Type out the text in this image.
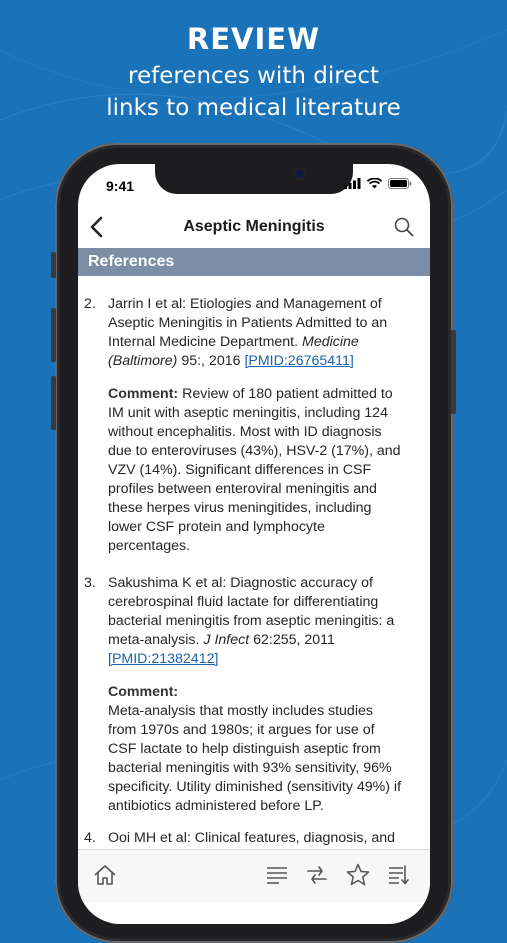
REVIEW
references with direct
links to medical literature
9:41
Aseptic Meningitis
References
2. Jarrin I et al: Etiologies and Management of
Aseptic Meningitis in Patients Admitted to an
Internal Medicine Department. Medicine
(Baltimore) 95:, 2016 [PMID:26765411]
Comment: Review of 180 patient admitted to
IM unit with aseptic meningitis, including 124
without encephalitis. Most with ID diagnosis
due to enteroviruses (43%), HSV-2 (17%), and
VZV (14%). Significant differences in CSF
profiles between enteroviral meningitis and
these herpes virus meningitides, including
lower CSF protein and lymphocyte
percentages.
3. Sakushima K et al: Diagnostic accuracy of
cerebrospinal fluid lactate for differentiating
bacterial meningitis from aseptic meningitis: a
meta-analysis. J Infect 62:255, 2011
[PMID:21382412]
Comment:
Meta-analysis that mostly includes studies
from 1970s and 1980s; it argues for use of
CSF lactate to help distinguish aseptic from
bacterial meningitis with 93% sensitivity, 96%
specificity. Utility diminished (sensitivity 49%) if
antibiotics administered before LP.
4. Ooi MH et al: Clinical features, diagnosis, and
